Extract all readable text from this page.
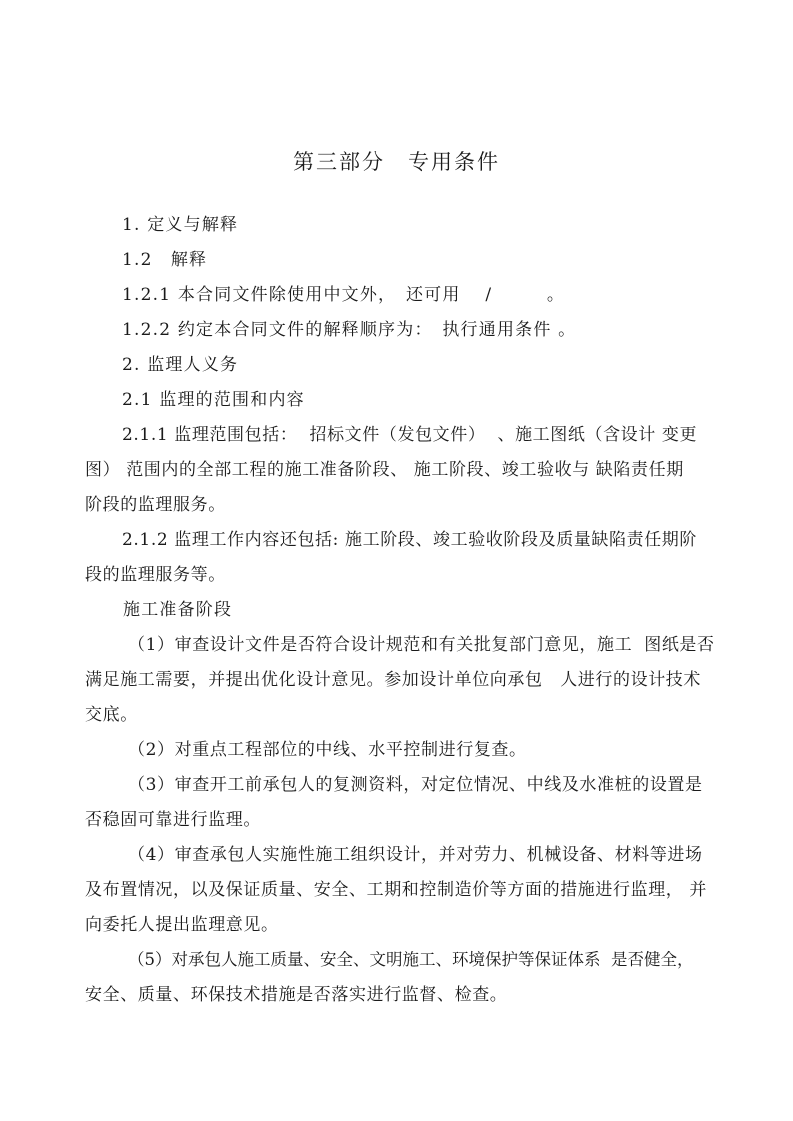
第三部分　专用条件
1. 定义与解释
1.2　解释
1.2.1 本合同文件除使用中文外，　还可用　 /　　　。
1.2.2 约定本合同文件的解释顺序为：　执行通用条件 。
2. 监理人义务
2.1 监理的范围和内容
2.1.1 监理范围包括：  招标文件（发包文件）  、施工图纸（含设计 变更
图） 范围内的全部工程的施工准备阶段、 施工阶段、竣工验收与 缺陷责任期
阶段的监理服务。
2.1.2 监理工作内容还包括: 施工阶段、竣工验收阶段及质量缺陷责任期阶
段的监理服务等。
施工准备阶段
（1）审查设计文件是否符合设计规范和有关批复部门意见，施工  图纸是否
满足施工需要，并提出优化设计意见。参加设计单位向承包　人进行的设计技术
交底。
（2）对重点工程部位的中线、水平控制进行复查。
（3）审查开工前承包人的复测资料，对定位情况、中线及水准桩的设置是
否稳固可靠进行监理。
（4）审查承包人实施性施工组织设计，并对劳力、机械设备、材料等进场
及布置情况，以及保证质量、安全、工期和控制造价等方面的措施进行监理， 并
向委托人提出监理意见。
（5）对承包人施工质量、安全、文明施工、环境保护等保证体系  是否健全，
安全、质量、环保技术措施是否落实进行监督、检查。
